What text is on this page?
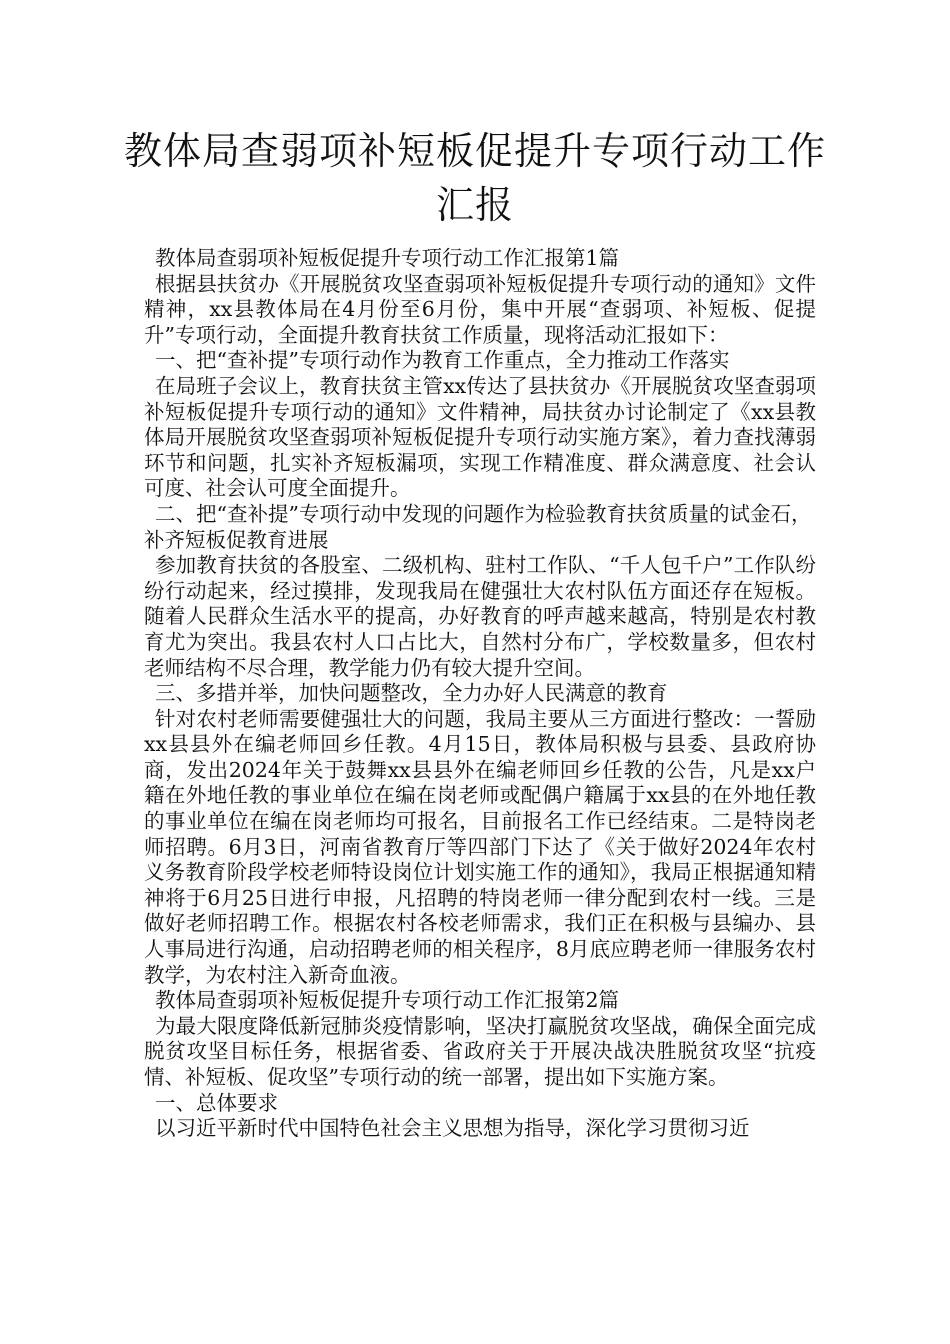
教体局查弱项补短板促提升专项行动工作汇报

教体局查弱项补短板促提升专项行动工作汇报第1篇

根据县扶贫办《开展脱贫攻坚查弱项补短板促提升专项行动的通知》文件精神，xx县教体局在4月份至6月份，集中开展“查弱项、补短板、促提升”专项行动，全面提升教育扶贫工作质量，现将活动汇报如下：

一、把“查补提”专项行动作为教育工作重点，全力推动工作落实

在局班子会议上，教育扶贫主管xx传达了县扶贫办《开展脱贫攻坚查弱项补短板促提升专项行动的通知》文件精神，局扶贫办讨论制定了《xx县教体局开展脱贫攻坚查弱项补短板促提升专项行动实施方案》，着力查找薄弱环节和问题，扎实补齐短板漏项，实现工作精准度、群众满意度、社会认可度、社会认可度全面提升。

二、把“查补提”专项行动中发现的问题作为检验教育扶贫质量的试金石，补齐短板促教育进展

参加教育扶贫的各股室、二级机构、驻村工作队、“千人包千户”工作队纷纷行动起来，经过摸排，发现我局在健强壮大农村队伍方面还存在短板。随着人民群众生活水平的提高，办好教育的呼声越来越高，特别是农村教育尤为突出。我县农村人口占比大，自然村分布广，学校数量多，但农村老师结构不尽合理，教学能力仍有较大提升空间。

三、多措并举，加快问题整改，全力办好人民满意的教育

针对农村老师需要健强壮大的问题，我局主要从三方面进行整改：一誓励xx县县外在编老师回乡任教。4月15日，教体局积极与县委、县政府协商，发出2024年关于鼓舞xx县县外在编老师回乡任教的公告，凡是xx户籍在外地任教的事业单位在编在岗老师或配偶户籍属于xx县的在外地任教的事业单位在编在岗老师均可报名，目前报名工作已经结束。二是特岗老师招聘。6月3日，河南省教育厅等四部门下达了《关于做好2024年农村义务教育阶段学校老师特设岗位计划实施工作的通知》，我局正根据通知精神将于6月25日进行申报，凡招聘的特岗老师一律分配到农村一线。三是做好老师招聘工作。根据农村各校老师需求，我们正在积极与县编办、县人事局进行沟通，启动招聘老师的相关程序，8月底应聘老师一律服务农村教学，为农村注入新奇血液。

教体局查弱项补短板促提升专项行动工作汇报第2篇

为最大限度降低新冠肺炎疫情影响，坚决打赢脱贫攻坚战，确保全面完成脱贫攻坚目标任务，根据省委、省政府关于开展决战决胜脱贫攻坚“抗疫情、补短板、促攻坚”专项行动的统一部署，提出如下实施方案。

一、总体要求

以习近平新时代中国特色社会主义思想为指导，深化学习贯彻习近
